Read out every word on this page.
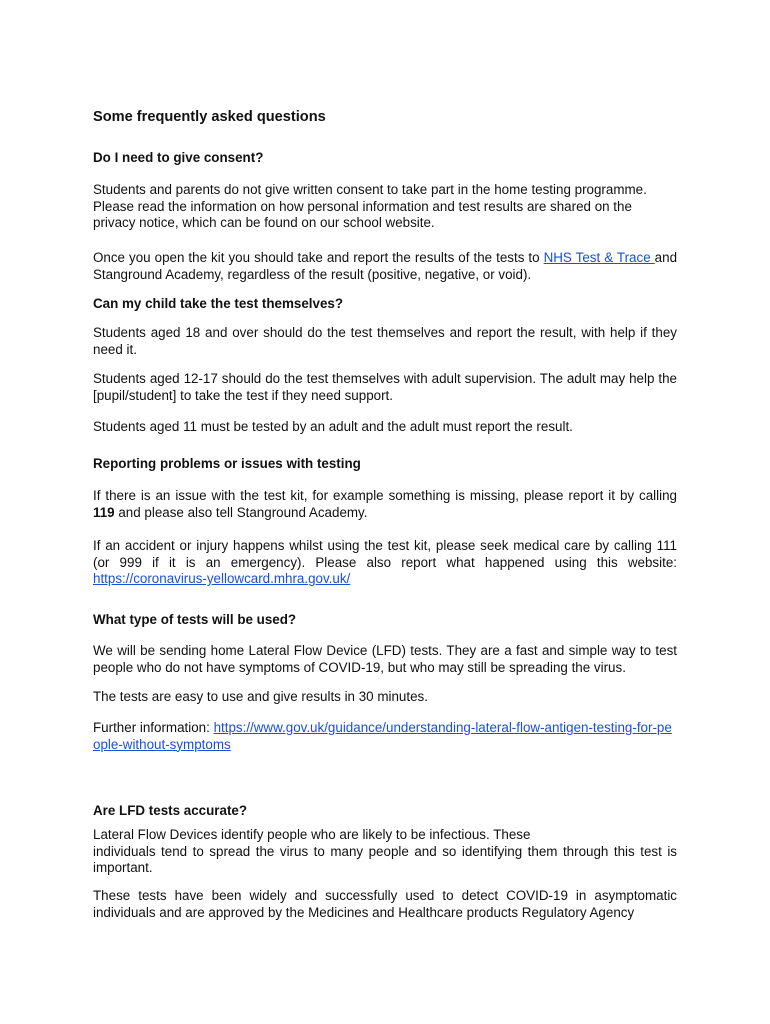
Some frequently asked questions
Do I need to give consent?
Students and parents do not give written consent to take part in the home testing programme.
Please read the information on how personal information and test results are shared on the
privacy notice, which can be found on our school website.
Once you open the kit you should take and report the results of the tests to NHS Test & Trace and Stanground Academy, regardless of the result (positive, negative, or void).
Can my child take the test themselves?
Students aged 18 and over should do the test themselves and report the result, with help if they need it.
Students aged 12-17 should do the test themselves with adult supervision. The adult may help the [pupil/student] to take the test if they need support.
Students aged 11 must be tested by an adult and the adult must report the result.
Reporting problems or issues with testing
If there is an issue with the test kit, for example something is missing, please report it by calling 119 and please also tell Stanground Academy.
If an accident or injury happens whilst using the test kit, please seek medical care by calling 111 (or 999 if it is an emergency). Please also report what happened using this website: https://coronavirus-yellowcard.mhra.gov.uk/
What type of tests will be used?
We will be sending home Lateral Flow Device (LFD) tests. They are a fast and simple way to test people who do not have symptoms of COVID-19, but who may still be spreading the virus.
The tests are easy to use and give results in 30 minutes.
Further information: https://www.gov.uk/guidance/understanding-lateral-flow-antigen-testing-for-people-without-symptoms
Are LFD tests accurate?
Lateral Flow Devices identify people who are likely to be infectious. These
individuals tend to spread the virus to many people and so identifying them through this test is important.
These tests have been widely and successfully used to detect COVID-19 in asymptomatic individuals and are approved by the Medicines and Healthcare products Regulatory Agency
